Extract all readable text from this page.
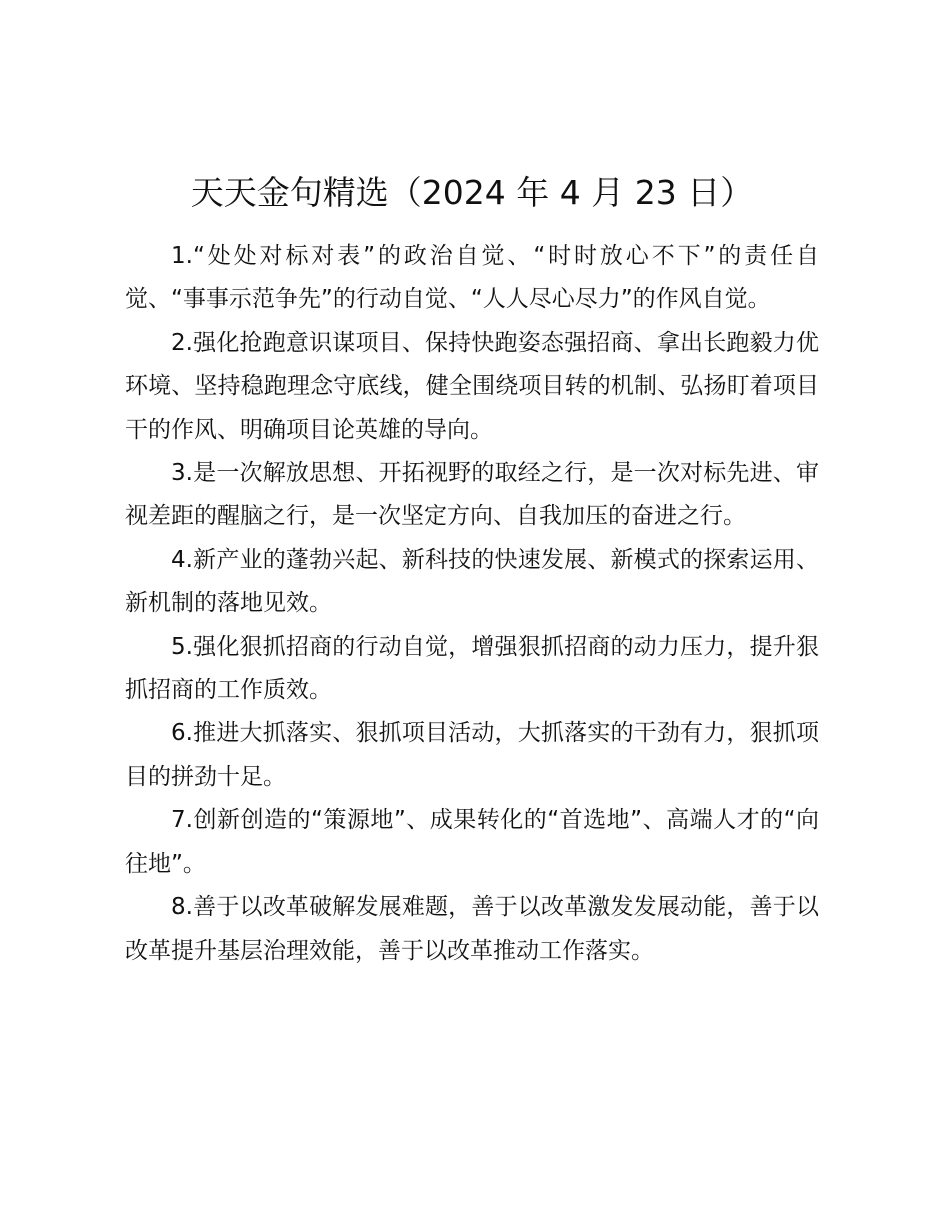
天天金句精选（2024 年 4 月 23 日）

1.“处处对标对表”的政治自觉、“时时放心不下”的责任自觉、“事事示范争先”的行动自觉、“人人尽心尽力”的作风自觉。

2.强化抢跑意识谋项目、保持快跑姿态强招商、拿出长跑毅力优环境、坚持稳跑理念守底线，健全围绕项目转的机制、弘扬盯着项目干的作风、明确项目论英雄的导向。

3.是一次解放思想、开拓视野的取经之行，是一次对标先进、审视差距的醒脑之行，是一次坚定方向、自我加压的奋进之行。

4.新产业的蓬勃兴起、新科技的快速发展、新模式的探索运用、新机制的落地见效。

5.强化狠抓招商的行动自觉，增强狠抓招商的动力压力，提升狠抓招商的工作质效。

6.推进大抓落实、狠抓项目活动，大抓落实的干劲有力，狠抓项目的拼劲十足。

7.创新创造的“策源地”、成果转化的“首选地”、高端人才的“向往地”。

8.善于以改革破解发展难题，善于以改革激发发展动能，善于以改革提升基层治理效能，善于以改革推动工作落实。
